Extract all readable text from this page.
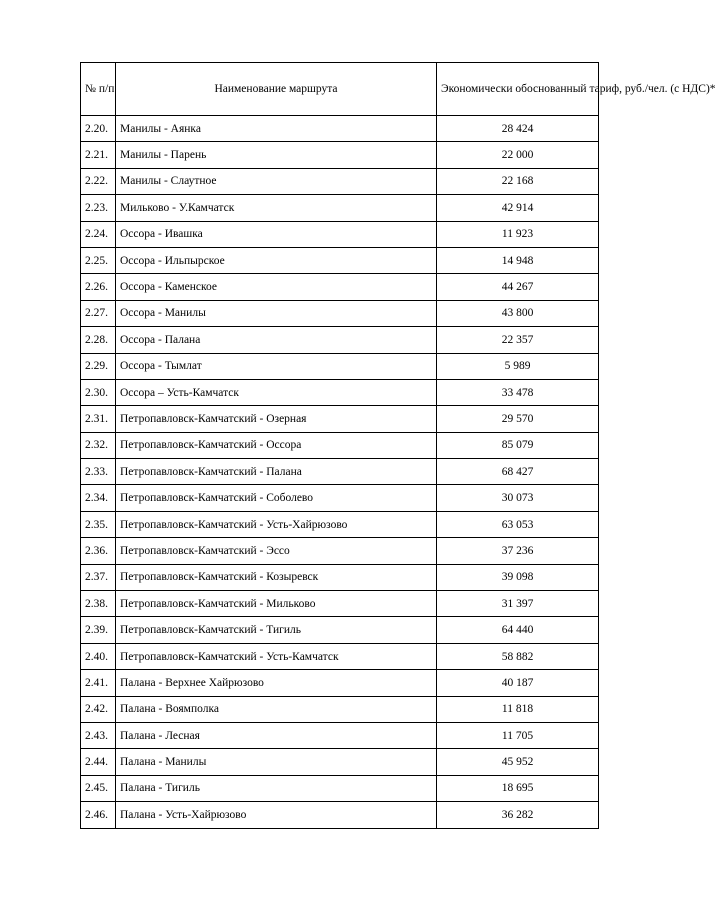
№ п/п	Наименование маршрута	Экономически обоснованный тариф, руб./чел. (с НДС)*
2.20.	Манилы - Аянка	28 424
2.21.	Манилы - Парень	22 000
2.22.	Манилы - Слаутное	22 168
2.23.	Мильково - У.Камчатск	42 914
2.24.	Оссора - Ивашка	11 923
2.25.	Оссора - Ильпырское	14 948
2.26.	Оссора - Каменское	44 267
2.27.	Оссора - Манилы	43 800
2.28.	Оссора - Палана	22 357
2.29.	Оссора - Тымлат	5 989
2.30.	Оссора – Усть-Камчатск	33 478
2.31.	Петропавловск-Камчатский - Озерная	29 570
2.32.	Петропавловск-Камчатский - Оссора	85 079
2.33.	Петропавловск-Камчатский - Палана	68 427
2.34.	Петропавловск-Камчатский - Соболево	30 073
2.35.	Петропавловск-Камчатский - Усть-Хайрюзово	63 053
2.36.	Петропавловск-Камчатский - Эссо	37 236
2.37.	Петропавловск-Камчатский - Козыревск	39 098
2.38.	Петропавловск-Камчатский - Мильково	31 397
2.39.	Петропавловск-Камчатский - Тигиль	64 440
2.40.	Петропавловск-Камчатский - Усть-Камчатск	58 882
2.41.	Палана - Верхнее Хайрюзово	40 187
2.42.	Палана - Воямполка	11 818
2.43.	Палана - Лесная	11 705
2.44.	Палана - Манилы	45 952
2.45.	Палана - Тигиль	18 695
2.46.	Палана - Усть-Хайрюзово	36 282
